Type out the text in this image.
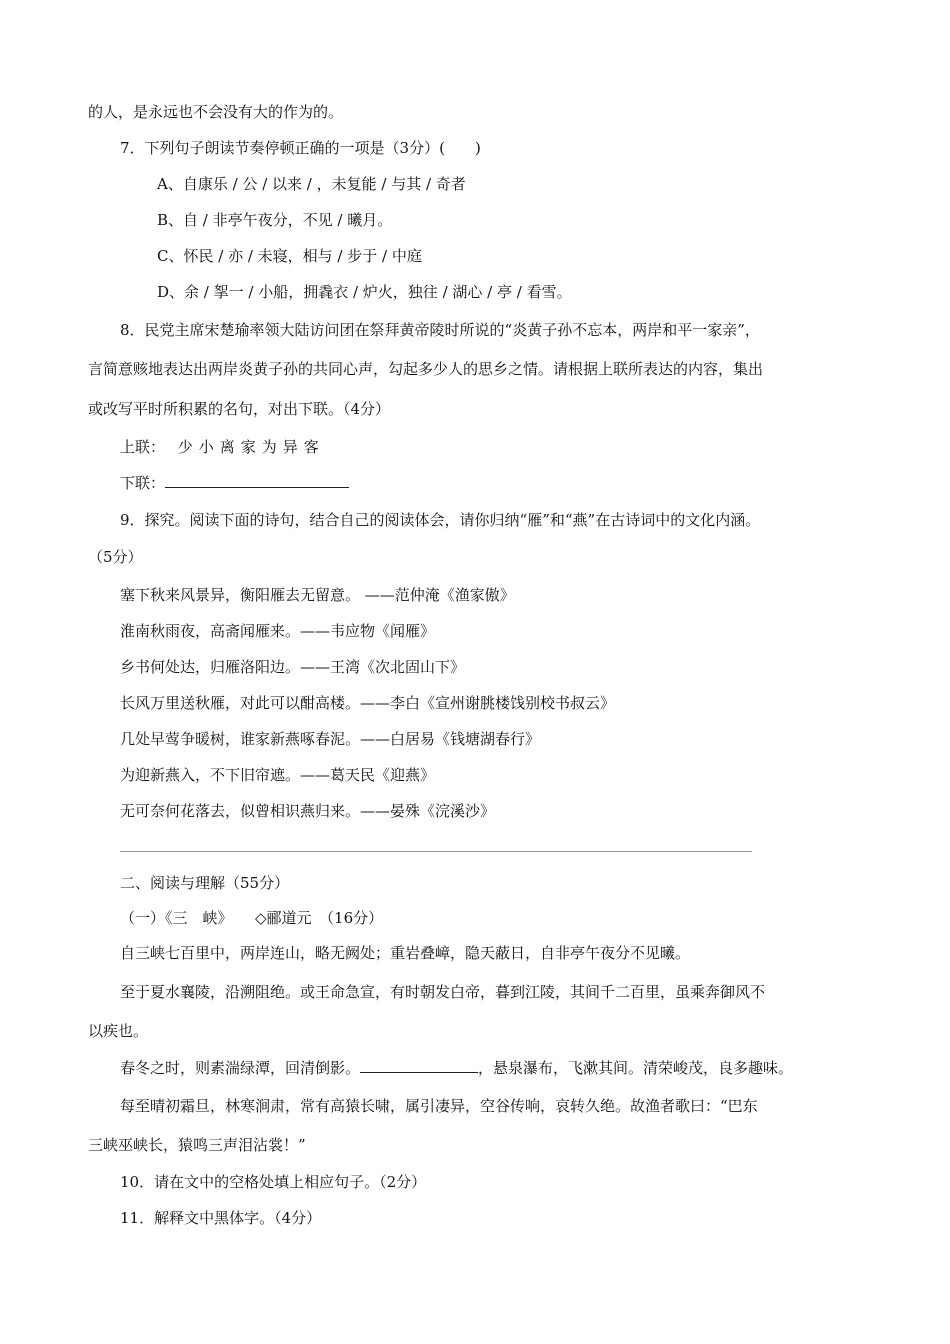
的人，是永远也不会没有大的作为的。
7．下列句子朗读节奏停顿正确的一项是（3分）(　　)
A、自康乐 / 公 / 以来 / ，未复能 / 与其 / 奇者
B、自 / 非亭午夜分，不见 / 曦月。
C、怀民 / 亦 / 未寝，相与 / 步于 / 中庭
D、余 / 挐一 / 小船，拥毳衣 / 炉火，独往 / 湖心 / 亭 / 看雪。
8．民党主席宋楚瑜率领大陆访问团在祭拜黄帝陵时所说的“炎黄子孙不忘本，两岸和平一家亲”，
言简意赅地表达出两岸炎黄子孙的共同心声，勾起多少人的思乡之情。请根据上联所表达的内容，集出
或改写平时所积累的名句，对出下联。（4分）
上联： 少小离家为异客
下联：
9．探究。阅读下面的诗句，结合自己的阅读体会，请你归纳“雁”和“燕”在古诗词中的文化内涵。
（5分）
塞下秋来风景异，衡阳雁去无留意。 ——范仲淹《渔家傲》
淮南秋雨夜，高斋闻雁来。——韦应物《闻雁》
乡书何处达，归雁洛阳边。——王湾《次北固山下》
长风万里送秋雁，对此可以酣高楼。——李白《宣州谢朓楼饯别校书叔云》
几处早莺争暖树，谁家新燕啄春泥。——白居易《钱塘湖春行》
为迎新燕入，不下旧帘遮。——葛天民《迎燕》
无可奈何花落去，似曾相识燕归来。——晏殊《浣溪沙》
二、阅读与理解（55分）
（一）《三　峡》　　◇郦道元　（16分）
自三峡七百里中，两岸连山，略无阙处；重岩叠嶂，隐天蔽日，自非亭午夜分不见曦。
至于夏水襄陵，沿溯阻绝。或王命急宣，有时朝发白帝，暮到江陵，其间千二百里，虽乘奔御风不
以疾也。
春冬之时，则素湍绿潭，回清倒影。	，悬泉瀑布，飞漱其间。清荣峻茂，良多趣味。
每至晴初霜旦，林寒涧肃，常有高猿长啸，属引凄异，空谷传响，哀转久绝。故渔者歌曰：“巴东
三峡巫峡长，猿鸣三声泪沾裳！”
10．请在文中的空格处填上相应句子。（2分）
11．解释文中黑体字。（4分）
